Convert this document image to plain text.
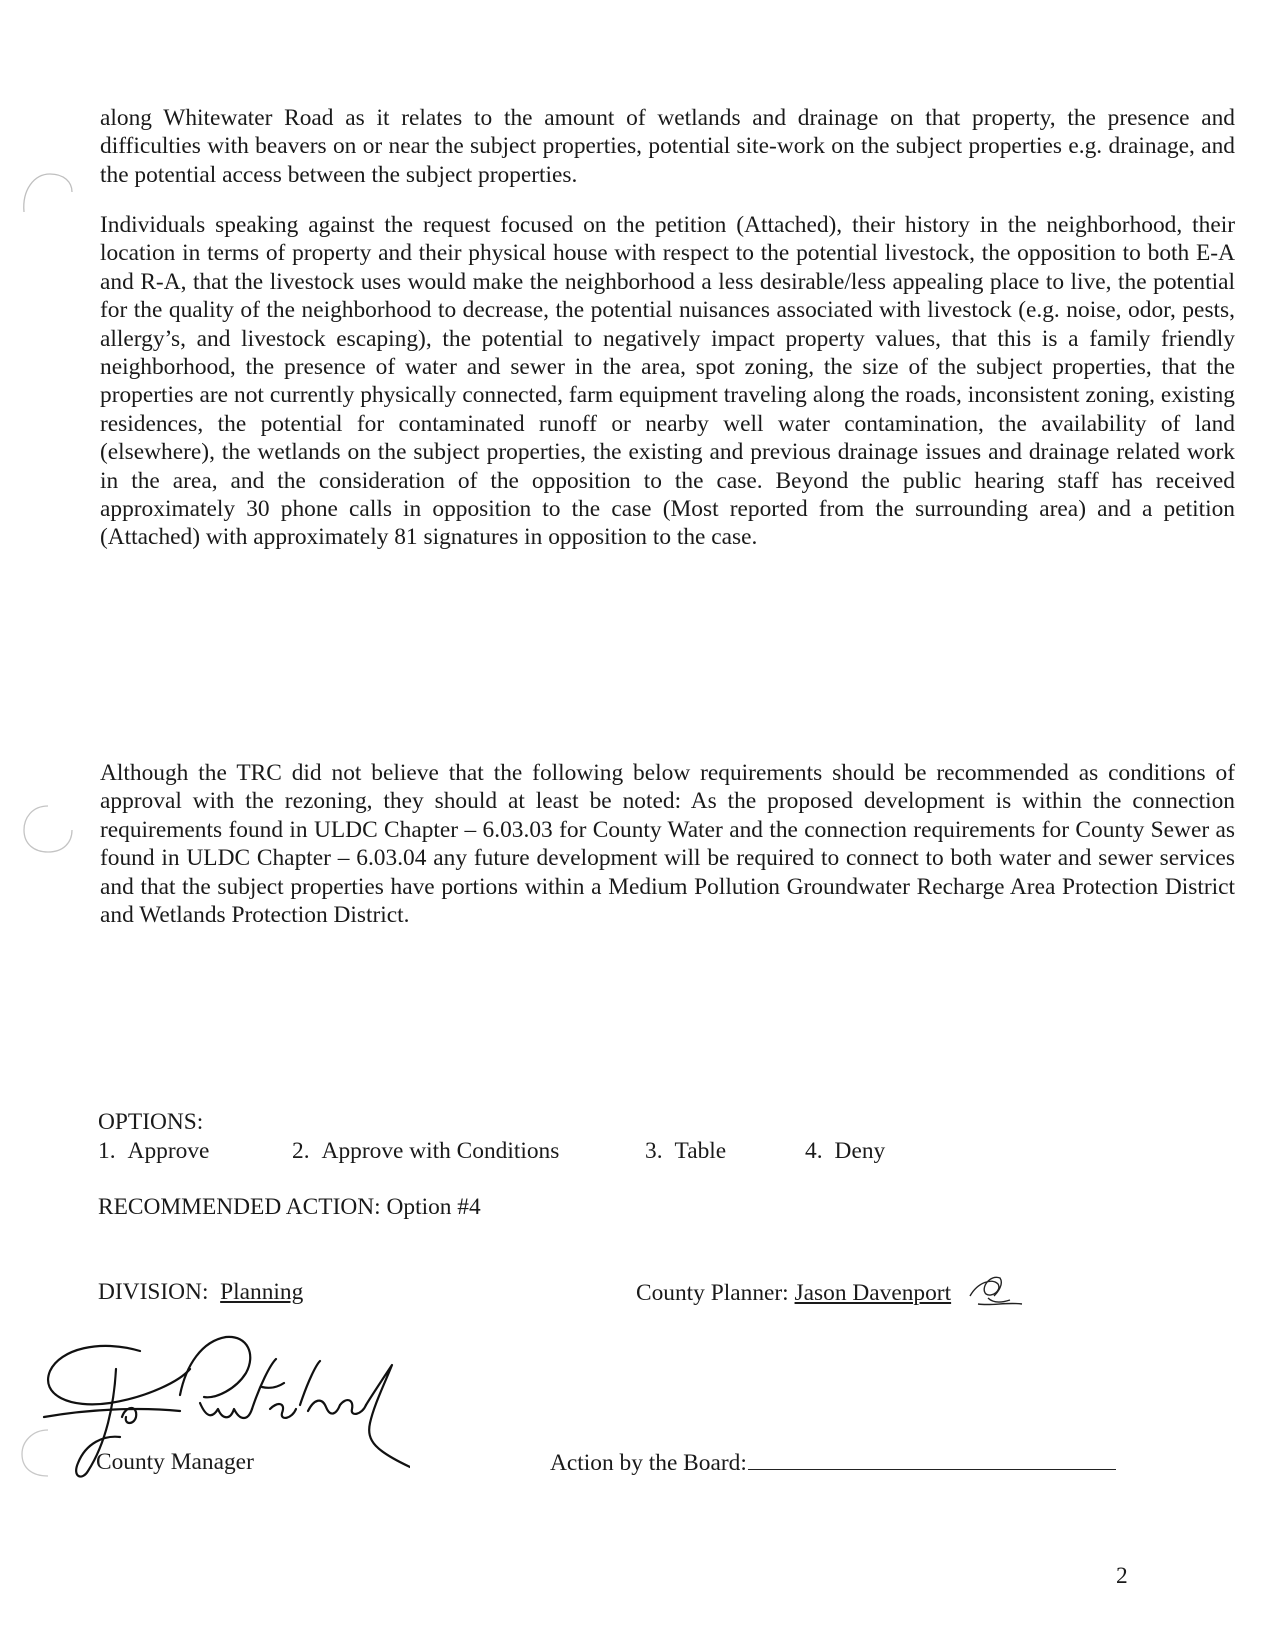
along Whitewater Road as it relates to the amount of wetlands and drainage on that property, the presence and difficulties with beavers on or near the subject properties, potential site-work on the subject properties e.g. drainage, and the potential access between the subject properties.

Individuals speaking against the request focused on the petition (Attached), their history in the neighborhood, their location in terms of property and their physical house with respect to the potential livestock, the opposition to both E-A and R-A, that the livestock uses would make the neighborhood a less desirable/less appealing place to live, the potential for the quality of the neighborhood to decrease, the potential nuisances associated with livestock (e.g. noise, odor, pests, allergy’s, and livestock escaping), the potential to negatively impact property values, that this is a family friendly neighborhood, the presence of water and sewer in the area, spot zoning, the size of the subject properties, that the properties are not currently physically connected, farm equipment traveling along the roads, inconsistent zoning, existing residences, the potential for contaminated runoff or nearby well water contamination, the availability of land (elsewhere), the wetlands on the subject properties, the existing and previous drainage issues and drainage related work in the area, and the consideration of the opposition to the case. Beyond the public hearing staff has received approximately 30 phone calls in opposition to the case (Most reported from the surrounding area) and a petition (Attached) with approximately 81 signatures in opposition to the case.

Although the TRC did not believe that the following below requirements should be recommended as conditions of approval with the rezoning, they should at least be noted: As the proposed development is within the connection requirements found in ULDC Chapter – 6.03.03 for County Water and the connection requirements for County Sewer as found in ULDC Chapter – 6.03.04 any future development will be required to connect to both water and sewer services and that the subject properties have portions within a Medium Pollution Groundwater Recharge Area Protection District and Wetlands Protection District.

OPTIONS:
1. Approve	2. Approve with Conditions	3. Table	4. Deny
RECOMMENDED ACTION: Option #4
DIVISION: Planning	County Planner: Jason Davenport
County Manager	Action by the Board:
2
